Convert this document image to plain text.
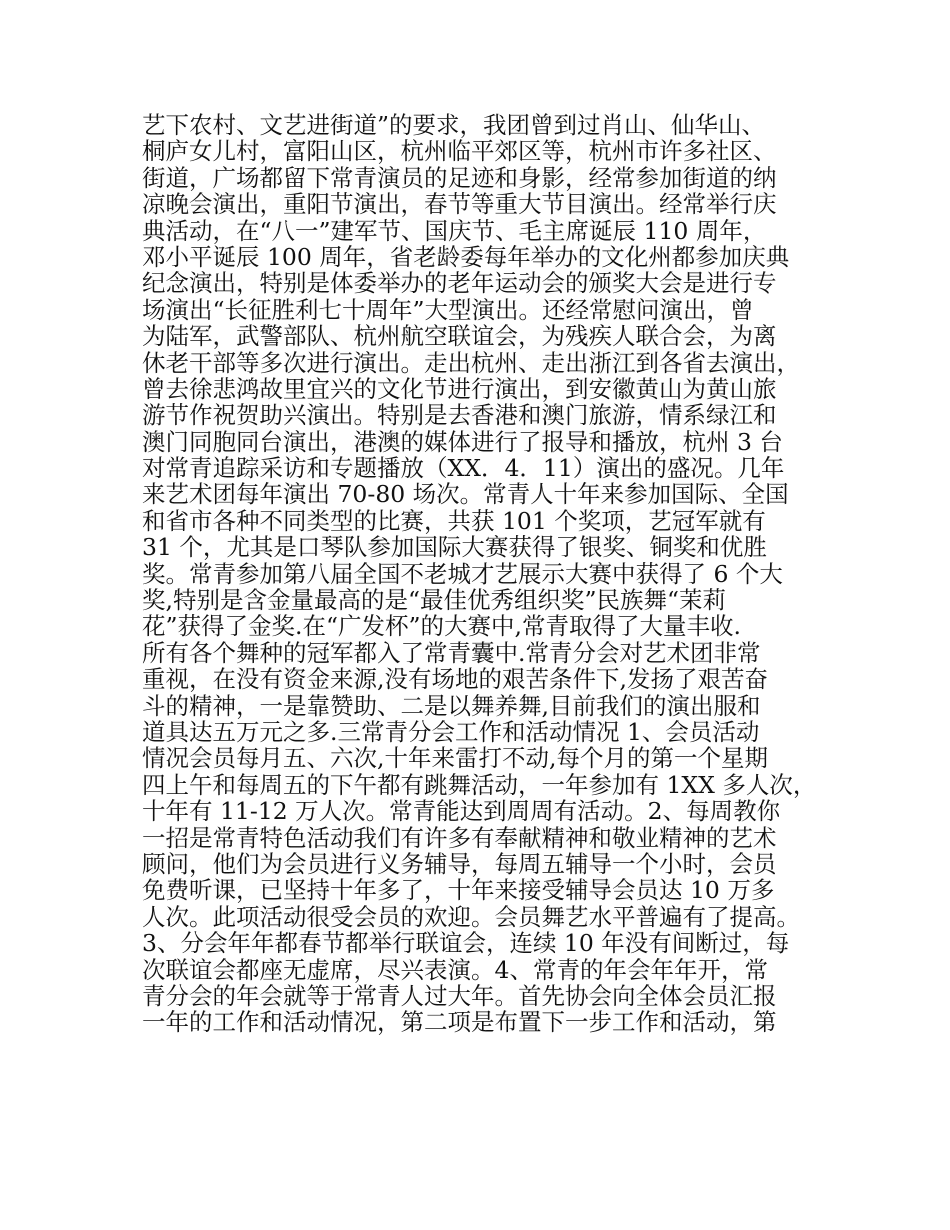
艺下农村、文艺进街道”的要求，我团曾到过肖山、仙华山、
桐庐女儿村，富阳山区，杭州临平郊区等，杭州市许多社区、
街道，广场都留下常青演员的足迹和身影，经常参加街道的纳
凉晚会演出，重阳节演出，春节等重大节目演出。经常举行庆
典活动，在“八一”建军节、国庆节、毛主席诞辰 110 周年，
邓小平诞辰 100 周年，省老龄委每年举办的文化州都参加庆典
纪念演出，特别是体委举办的老年运动会的颁奖大会是进行专
场演出“长征胜利七十周年”大型演出。还经常慰问演出，曾
为陆军，武警部队、杭州航空联谊会，为残疾人联合会，为离
休老干部等多次进行演出。走出杭州、走出浙江到各省去演出，
曾去徐悲鸿故里宜兴的文化节进行演出，到安徽黄山为黄山旅
游节作祝贺助兴演出。特别是去香港和澳门旅游，情系绿江和
澳门同胞同台演出，港澳的媒体进行了报导和播放，杭州 3 台
对常青追踪采访和专题播放（XX．4．11）演出的盛况。几年
来艺术团每年演出 70-80 场次。常青人十年来参加国际、全国
和省市各种不同类型的比赛，共获 101 个奖项，艺冠军就有
31 个，尤其是口琴队参加国际大赛获得了银奖、铜奖和优胜
奖。常青参加第八届全国不老城才艺展示大赛中获得了 6 个大
奖,特别是含金量最高的是“最佳优秀组织奖”民族舞“茉莉
花”获得了金奖.在“广发杯”的大赛中,常青取得了大量丰收.
所有各个舞种的冠军都入了常青囊中.常青分会对艺术团非常
重视，在没有资金来源,没有场地的艰苦条件下,发扬了艰苦奋
斗的精神，一是靠赞助、二是以舞养舞,目前我们的演出服和
道具达五万元之多.三常青分会工作和活动情况 1、会员活动
情况会员每月五、六次,十年来雷打不动,每个月的第一个星期
四上午和每周五的下午都有跳舞活动，一年参加有 1XX 多人次，
十年有 11-12 万人次。常青能达到周周有活动。2、每周教你
一招是常青特色活动我们有许多有奉献精神和敬业精神的艺术
顾问，他们为会员进行义务辅导，每周五辅导一个小时，会员
免费听课，已坚持十年多了，十年来接受辅导会员达 10 万多
人次。此项活动很受会员的欢迎。会员舞艺水平普遍有了提高。
3、分会年年都春节都举行联谊会，连续 10 年没有间断过，每
次联谊会都座无虚席，尽兴表演。4、常青的年会年年开，常
青分会的年会就等于常青人过大年。首先协会向全体会员汇报
一年的工作和活动情况，第二项是布置下一步工作和活动，第
